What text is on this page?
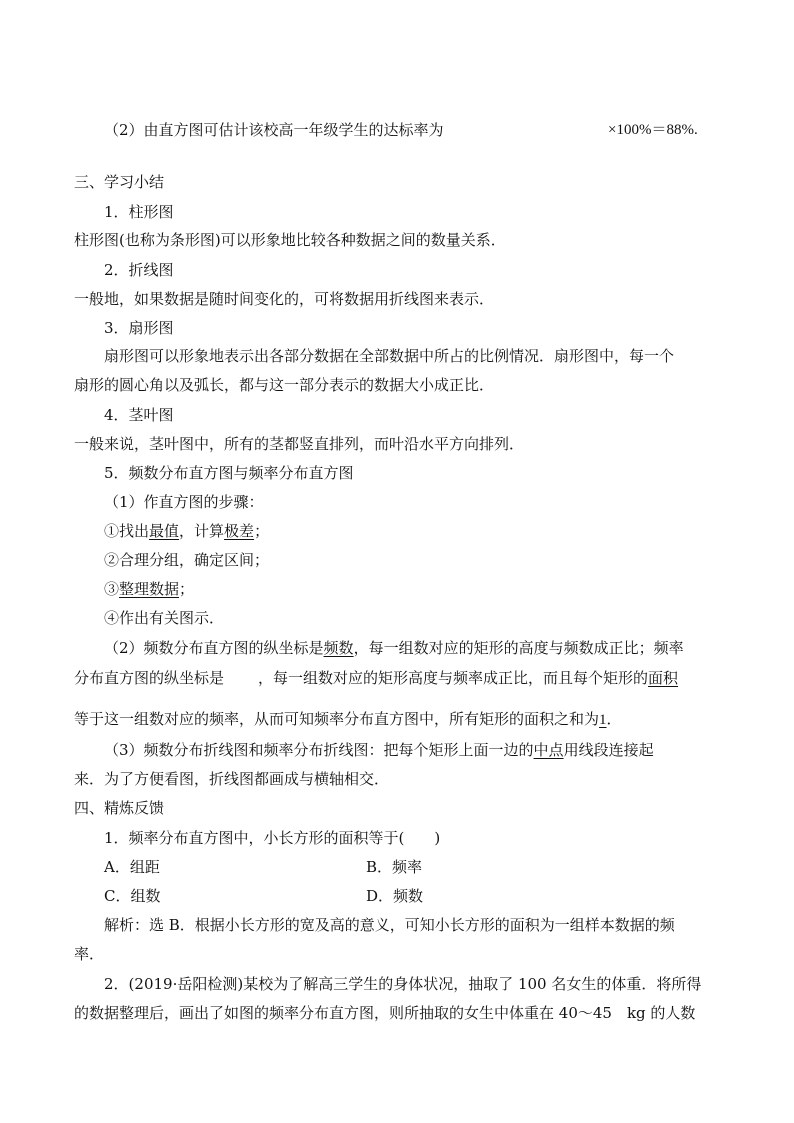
（2）由直方图可估计该校高一年级学生的达标率为	×100%＝88%.
三、学习小结
1．柱形图
柱形图(也称为条形图)可以形象地比较各种数据之间的数量关系．
2．折线图
一般地，如果数据是随时间变化的，可将数据用折线图来表示．
3．扇形图
扇形图可以形象地表示出各部分数据在全部数据中所占的比例情况．扇形图中，每一个
扇形的圆心角以及弧长，都与这一部分表示的数据大小成正比．
4．茎叶图
一般来说，茎叶图中，所有的茎都竖直排列，而叶沿水平方向排列．
5．频数分布直方图与频率分布直方图
（1）作直方图的步骤：
①找出最值，计算极差；
②合理分组，确定区间；
③整理数据；
④作出有关图示．
（2）频数分布直方图的纵坐标是频数，每一组数对应的矩形的高度与频数成正比；频率
分布直方图的纵坐标是 ，每一组数对应的矩形高度与频率成正比，而且每个矩形的面积
等于这一组数对应的频率，从而可知频率分布直方图中，所有矩形的面积之和为1．
（3）频数分布折线图和频率分布折线图：把每个矩形上面一边的中点用线段连接起
来．为了方便看图，折线图都画成与横轴相交．
四、精炼反馈
1．频率分布直方图中，小长方形的面积等于(　　)
A．组距	B．频率
C．组数	D．频数
解析：选 B．根据小长方形的宽及高的意义，可知小长方形的面积为一组样本数据的频
率．
2．(2019·岳阳检测)某校为了解高三学生的身体状况，抽取了 100 名女生的体重．将所得
的数据整理后，画出了如图的频率分布直方图，则所抽取的女生中体重在 40～45　kg 的人数
